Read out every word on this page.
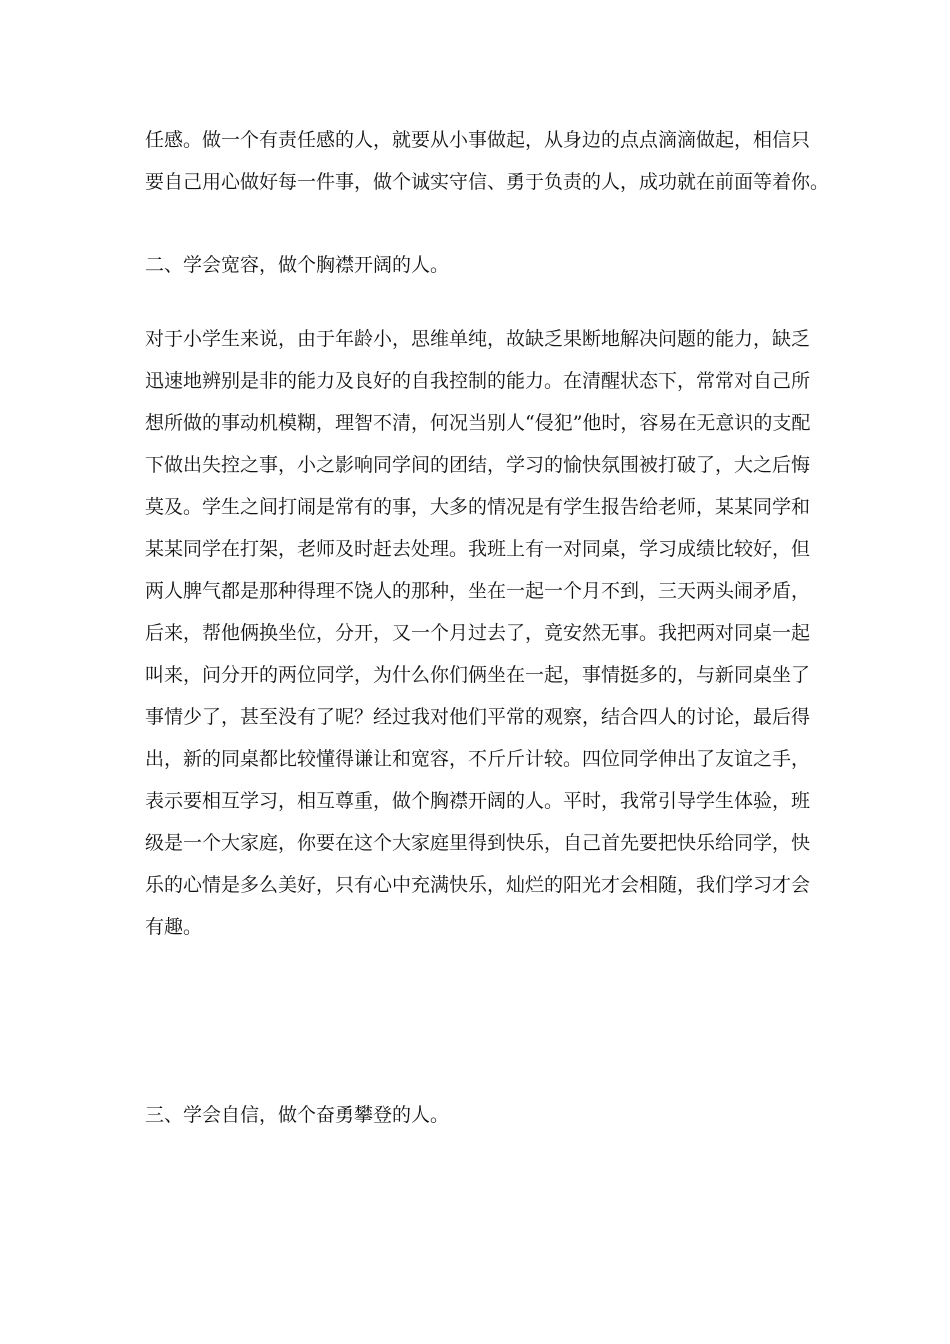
任感。做一个有责任感的人，就要从小事做起，从身边的点点滴滴做起，相信只
要自己用心做好每一件事，做个诚实守信、勇于负责的人，成功就在前面等着你。

二、学会宽容，做个胸襟开阔的人。

对于小学生来说，由于年龄小，思维单纯，故缺乏果断地解决问题的能力，缺乏
迅速地辨别是非的能力及良好的自我控制的能力。在清醒状态下，常常对自己所
想所做的事动机模糊，理智不清，何况当别人“侵犯”他时，容易在无意识的支配
下做出失控之事，小之影响同学间的团结，学习的愉快氛围被打破了，大之后悔
莫及。学生之间打闹是常有的事，大多的情况是有学生报告给老师，某某同学和
某某同学在打架，老师及时赶去处理。我班上有一对同桌，学习成绩比较好，但
两人脾气都是那种得理不饶人的那种，坐在一起一个月不到，三天两头闹矛盾，
后来，帮他俩换坐位，分开，又一个月过去了，竟安然无事。我把两对同桌一起
叫来，问分开的两位同学，为什么你们俩坐在一起，事情挺多的，与新同桌坐了
事情少了，甚至没有了呢？经过我对他们平常的观察，结合四人的讨论，最后得
出，新的同桌都比较懂得谦让和宽容，不斤斤计较。四位同学伸出了友谊之手，
表示要相互学习，相互尊重，做个胸襟开阔的人。平时，我常引导学生体验，班
级是一个大家庭，你要在这个大家庭里得到快乐，自己首先要把快乐给同学，快
乐的心情是多么美好，只有心中充满快乐，灿烂的阳光才会相随，我们学习才会
有趣。

三、学会自信，做个奋勇攀登的人。
